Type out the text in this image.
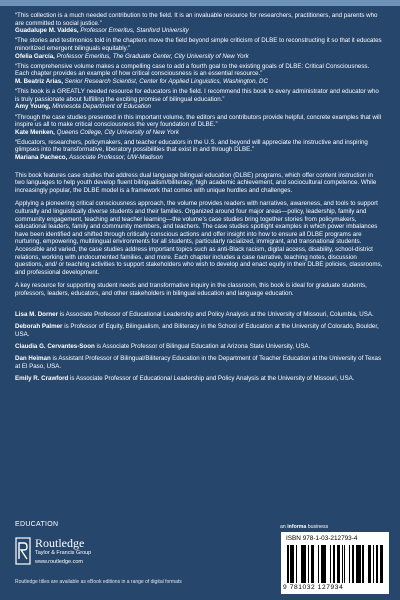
“This collection is a much needed contribution to the field. It is an invaluable resource for researchers, practitioners, and parents who are committed to social justice.”
Guadalupe M. Valdés, Professor Emeritus, Stanford University

“The stories and testimonios told in the chapters move the field beyond simple criticism of DLBE to reconstructing it so that it educates minoritized emergent bilinguals equitably.”
Ofelia García, Professor Emeritus, The Graduate Center, City University of New York

“This comprehensive volume makes a compelling case to add a fourth goal to the existing goals of DLBE: Critical Consciousness. Each chapter provides an example of how critical consciousness is an essential resource.”
M. Beatriz Arias, Senior Research Scientist, Center for Applied Linguistics, Washington, DC

“This book is a GREATLY needed resource for educators in the field. I recommend this book to every administrator and educator who is truly passionate about fulfilling the exciting promise of bilingual education.”
Amy Young, Minnesota Department of Education

“Through the case studies presented in this important volume, the editors and contributors provide helpful, concrete examples that will inspire us all to make critical consciousness the very foundation of DLBE.”
Kate Menken, Queens College, City University of New York

“Educators, researchers, policymakers, and teacher educators in the U.S. and beyond will appreciate the instructive and inspiring glimpses into the transformative, liberatory possibilities that exist in and through DLBE.”
Mariana Pacheco, Associate Professor, UW-Madison

This book features case studies that address dual language bilingual education (DLBE) programs, which offer content instruction in two languages to help youth develop fluent bilingualism/biliteracy, high academic achievement, and sociocultural competence. While increasingly popular, the DLBE model is a framework that comes with unique hurdles and challenges.

Applying a pioneering critical consciousness approach, the volume provides readers with narratives, awareness, and tools to support culturally and linguistically diverse students and their families. Organized around four major areas—policy, leadership, family and community engagement, teaching and teacher learning—the volume’s case studies bring together stories from policymakers, educational leaders, family and community members, and teachers. The case studies spotlight examples in which power imbalances have been identified and shifted through critically conscious actions and offer insight into how to ensure all DLBE programs are nurturing, empowering, multilingual environments for all students, particularly racialized, immigrant, and transnational students. Accessible and varied, the case studies address important topics such as anti-Black racism, digital access, disability, school-district relations, working with undocumented families, and more. Each chapter includes a case narrative, teaching notes, discussion questions, and/ or teaching activities to support stakeholders who wish to develop and enact equity in their DLBE policies, classrooms, and professional development.

A key resource for supporting student needs and transformative inquiry in the classroom, this book is ideal for graduate students, professors, leaders, educators, and other stakeholders in bilingual education and language education.

Lisa M. Dorner is Associate Professor of Educational Leadership and Policy Analysis at the University of Missouri, Columbia, USA.

Deborah Palmer is Professor of Equity, Bilingualism, and Biliteracy in the School of Education at the University of Colorado, Boulder, USA.

Claudia G. Cervantes-Soon is Associate Professor of Bilingual Education at Arizona State University, USA.

Dan Heiman is Assistant Professor of Bilingual/Biliteracy Education in the Department of Teacher Education at the University of Texas at El Paso, USA.

Emily R. Crawford is Associate Professor of Educational Leadership and Policy Analysis at the University of Missouri, USA.

EDUCATION
Routledge
Taylor & Francis Group
www.routledge.com
Routledge titles are available as eBook editions in a range of digital formats
an informa business
ISBN 978-1-03-212793-4
9 781032 127934
